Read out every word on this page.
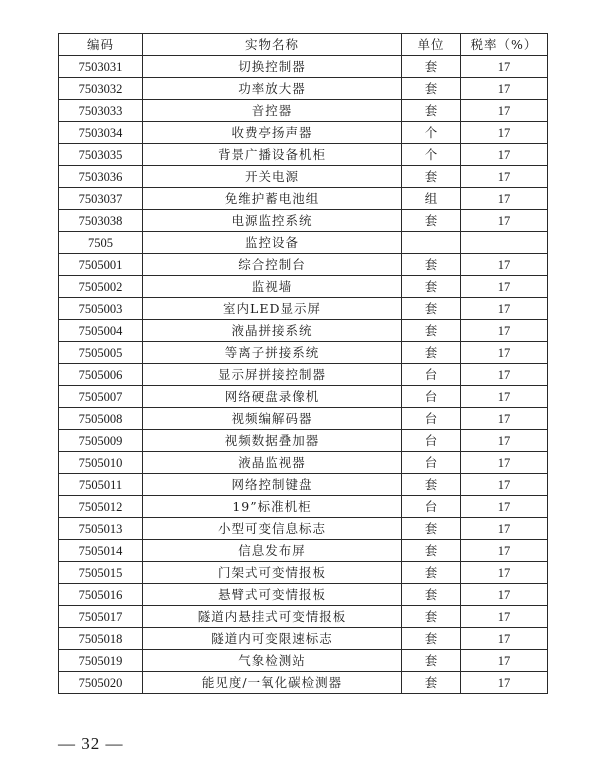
编码	实物名称	单位	税率（%）
7503031	切换控制器	套	17
7503032	功率放大器	套	17
7503033	音控器	套	17
7503034	收费亭扬声器	个	17
7503035	背景广播设备机柜	个	17
7503036	开关电源	套	17
7503037	免维护蓄电池组	组	17
7503038	电源监控系统	套	17
7505	监控设备		
7505001	综合控制台	套	17
7505002	监视墙	套	17
7505003	室内LED显示屏	套	17
7505004	液晶拼接系统	套	17
7505005	等离子拼接系统	套	17
7505006	显示屏拼接控制器	台	17
7505007	网络硬盘录像机	台	17
7505008	视频编解码器	台	17
7505009	视频数据叠加器	台	17
7505010	液晶监视器	台	17
7505011	网络控制键盘	套	17
7505012	19”标准机柜	台	17
7505013	小型可变信息标志	套	17
7505014	信息发布屏	套	17
7505015	门架式可变情报板	套	17
7505016	悬臂式可变情报板	套	17
7505017	隧道内悬挂式可变情报板	套	17
7505018	隧道内可变限速标志	套	17
7505019	气象检测站	套	17
7505020	能见度/一氧化碳检测器	套	17
— 32 —
